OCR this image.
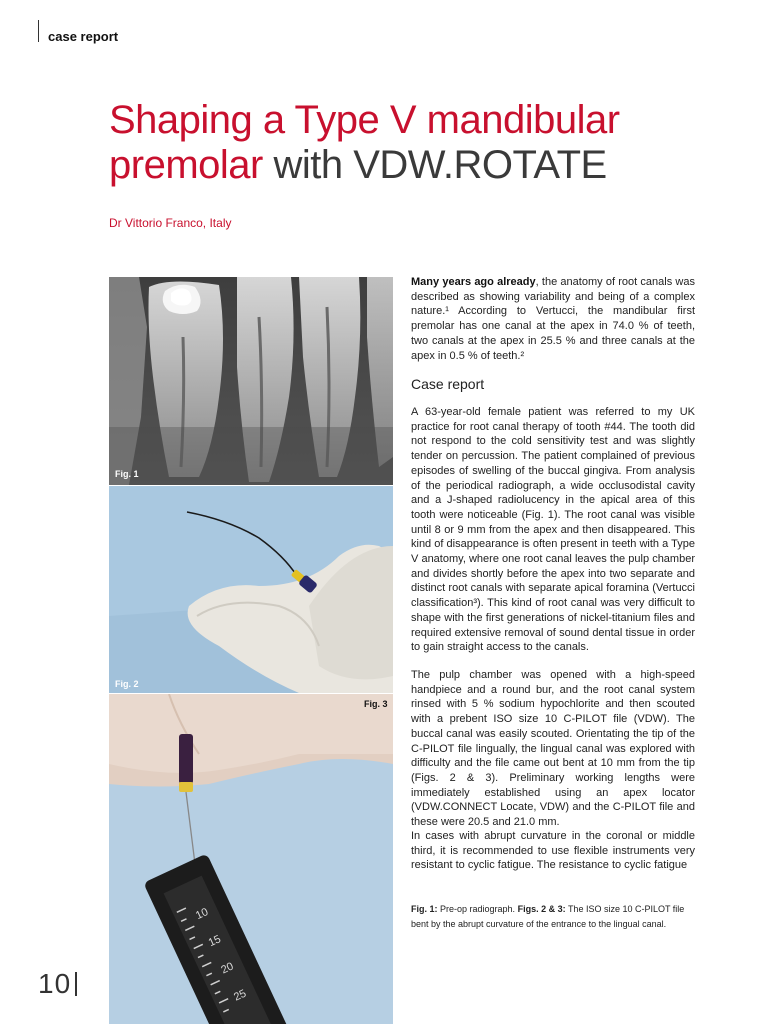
case report
Shaping a Type V mandibular
premolar with VDW.ROTATE
Dr Vittorio Franco, Italy
Fig. 1
Fig. 2
10
15
20
25
Fig. 3

Many years ago already, the anatomy of root canals was described as showing variability and being of a complex nature.¹ According to Vertucci, the mandibular first premolar has one canal at the apex in 74.0 % of teeth, two canals at the apex in 25.5 % and three canals at the apex in 0.5 % of teeth.²

Case report

A 63-year-old female patient was referred to my UK practice for root canal therapy of tooth #44. The tooth did not respond to the cold sensitivity test and was slightly tender on percussion. The patient complained of previous episodes of swelling of the buccal gingiva. From analysis of the periodical radiograph, a wide occlusodistal cavity and a J-shaped radiolucency in the apical area of this tooth were noticeable (Fig. 1). The root canal was visible until 8 or 9 mm from the apex and then disappeared. This kind of disappearance is often present in teeth with a Type V anatomy, where one root canal leaves the pulp chamber and divides shortly before the apex into two separate and distinct root canals with separate apical foramina (Vertucci classification³). This kind of root canal was very difficult to shape with the first generations of nickel-titanium files and required extensive removal of sound dental tissue in order to gain straight access to the canals.

The pulp chamber was opened with a high-speed handpiece and a round bur, and the root canal system rinsed with 5 % sodium hypochlorite and then scouted with a prebent ISO size 10 C-PILOT file (VDW). The buccal canal was easily scouted. Orientating the tip of the C-PILOT file lingually, the lingual canal was explored with difficulty and the file came out bent at 10 mm from the tip (Figs. 2 & 3). Preliminary working lengths were immediately established using an apex locator (VDW.CONNECT Locate, VDW) and the C-PILOT file and these were 20.5 and 21.0 mm.

In cases with abrupt curvature in the coronal or middle third, it is recommended to use flexible instruments very resistant to cyclic fatigue. The resistance to cyclic fatigue

Fig. 1: Pre-op radiograph. Figs. 2 & 3: The ISO size 10 C-PILOT file bent by the abrupt curvature of the entrance to the lingual canal.

10
